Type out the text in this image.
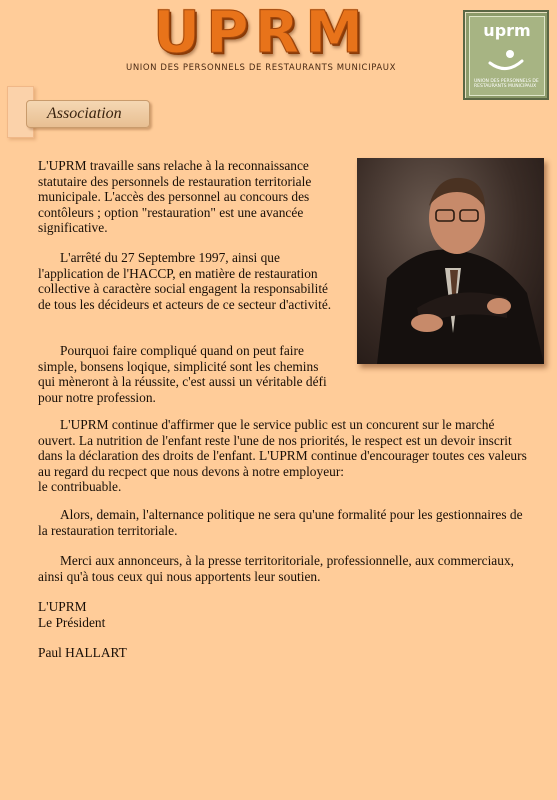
UPRM
UNION DES PERSONNELS DE RESTAURANTS MUNICIPAUX
uprm
UNION DES PERSONNELS DE RESTAURANTS MUNICIPAUX
Association

L'UPRM travaille sans relache à la reconnaissance statutaire des personnels de restauration territoriale municipale. L'accès des personnel au concours des contôleurs ; option "restauration" est une avancée significative.

L'arrêté du 27 Septembre 1997, ainsi que l'application de l'HACCP, en matière de restauration collective à caractère social engagent la responsabilité de tous les décideurs et acteurs de ce secteur d'activité.

Pourquoi faire compliqué quand on peut faire simple, bonsens loqique, simplicité sont les chemins qui mèneront à la réussite, c'est aussi un véritable défi pour notre profession.

L'UPRM continue d'affirmer que le service public est un concurent sur le marché ouvert. La nutrition de l'enfant reste l'une de nos priorités, le respect est un devoir inscrit dans la déclaration des droits de l'enfant. L'UPRM continue d'encourager toutes ces valeurs au regard du recpect que nous devons à notre employeur:

le contribuable.

Alors, demain, l'alternance politique ne sera qu'une formalité pour les gestionnaires de la restauration territoriale.

Merci aux annonceurs, à la presse territoritoriale, professionnelle, aux commerciaux, ainsi qu'à tous ceux qui nous apportents leur soutien.

L'UPRM

Le Président

Paul HALLART
